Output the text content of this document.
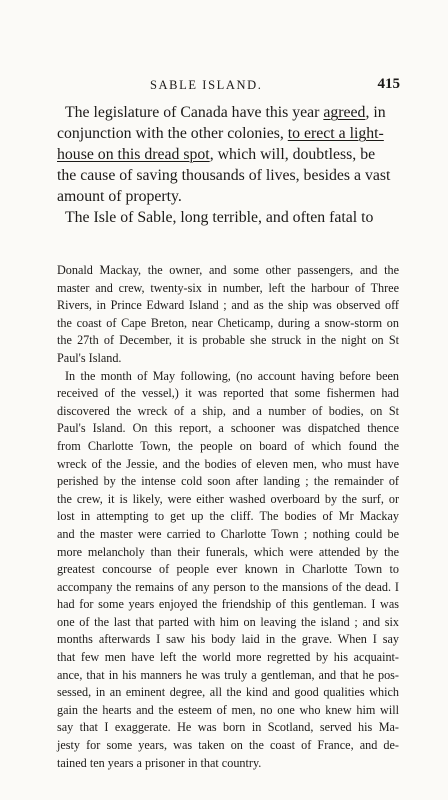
SABLE ISLAND.	415

The legislature of Canada have this year agreed, in
conjunction with the other colonies, to erect a light-
house on this dread spot, which will, doubtless, be
the cause of saving thousands of lives, besides a vast
amount of property.

The Isle of Sable, long terrible, and often fatal to

Donald Mackay, the owner, and some other passengers, and the
master and crew, twenty-six in number, left the harbour of Three
Rivers, in Prince Edward Island ; and as the ship was observed off
the coast of Cape Breton, near Cheticamp, during a snow-storm on
the 27th of December, it is probable she struck in the night on St
Paul's Island.

In the month of May following, (no account having before been
received of the vessel,) it was reported that some fishermen had
discovered the wreck of a ship, and a number of bodies, on St
Paul's Island. On this report, a schooner was dispatched thence
from Charlotte Town, the people on board of which found the
wreck of the Jessie, and the bodies of eleven men, who must have
perished by the intense cold soon after landing ; the remainder of
the crew, it is likely, were either washed overboard by the surf, or
lost in attempting to get up the cliff. The bodies of Mr Mackay
and the master were carried to Charlotte Town ; nothing could be
more melancholy than their funerals, which were attended by the
greatest concourse of people ever known in Charlotte Town to
accompany the remains of any person to the mansions of the dead. I
had for some years enjoyed the friendship of this gentleman. I was
one of the last that parted with him on leaving the island ; and six
months afterwards I saw his body laid in the grave. When I say
that few men have left the world more regretted by his acquaint-
ance, that in his manners he was truly a gentleman, and that he pos-
sessed, in an eminent degree, all the kind and good qualities which
gain the hearts and the esteem of men, no one who knew him will
say that I exaggerate. He was born in Scotland, served his Ma-
jesty for some years, was taken on the coast of France, and de-
tained ten years a prisoner in that country.
